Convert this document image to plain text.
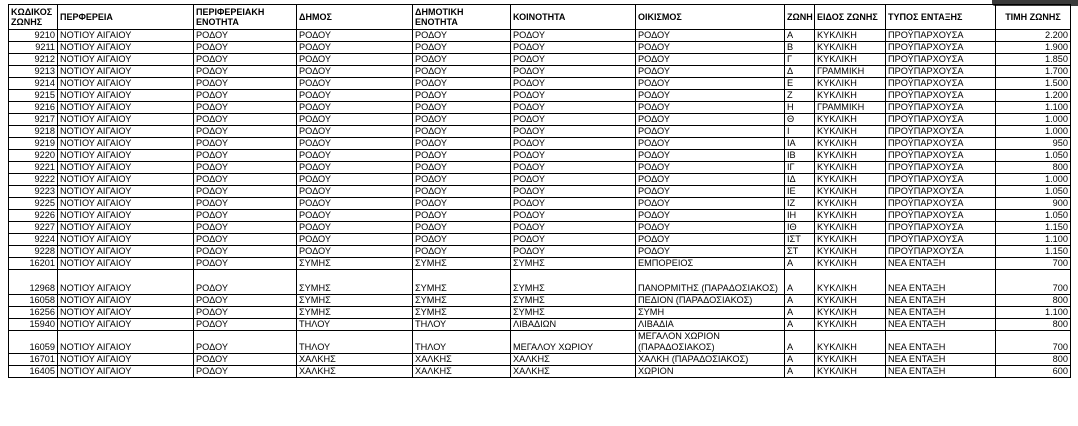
ΚΩΔΙΚΟΣ ΖΩΝΗΣ	ΠΕΡΦΕΡΕΙΑ	ΠΕΡΙΦΕΡΕΙΑΚΗ ΕΝΟΤΗΤΑ	ΔΗΜΟΣ	ΔΗΜΟΤΙΚΗ ΕΝΟΤΗΤΑ	ΚΟΙΝΟΤΗΤΑ	ΟΙΚΙΣΜΟΣ	ΖΩΝΗ	ΕΙΔΟΣ ΖΩΝΗΣ	ΤΥΠΟΣ ΕΝΤΑΞΗΣ	ΤΙΜΗ ΖΩΝΗΣ
9210	ΝΟΤΙΟΥ ΑΙΓΑΙΟΥ	ΡΟΔΟΥ	ΡΟΔΟΥ	ΡΟΔΟΥ	ΡΟΔΟΥ	ΡΟΔΟΥ	Α	ΚΥΚΛΙΚΗ	ΠΡΟΫΠΑΡΧΟΥΣΑ	2.200
9211	ΝΟΤΙΟΥ ΑΙΓΑΙΟΥ	ΡΟΔΟΥ	ΡΟΔΟΥ	ΡΟΔΟΥ	ΡΟΔΟΥ	ΡΟΔΟΥ	Β	ΚΥΚΛΙΚΗ	ΠΡΟΫΠΑΡΧΟΥΣΑ	1.900
9212	ΝΟΤΙΟΥ ΑΙΓΑΙΟΥ	ΡΟΔΟΥ	ΡΟΔΟΥ	ΡΟΔΟΥ	ΡΟΔΟΥ	ΡΟΔΟΥ	Γ	ΚΥΚΛΙΚΗ	ΠΡΟΫΠΑΡΧΟΥΣΑ	1.850
9213	ΝΟΤΙΟΥ ΑΙΓΑΙΟΥ	ΡΟΔΟΥ	ΡΟΔΟΥ	ΡΟΔΟΥ	ΡΟΔΟΥ	ΡΟΔΟΥ	Δ	ΓΡΑΜΜΙΚΗ	ΠΡΟΫΠΑΡΧΟΥΣΑ	1.700
9214	ΝΟΤΙΟΥ ΑΙΓΑΙΟΥ	ΡΟΔΟΥ	ΡΟΔΟΥ	ΡΟΔΟΥ	ΡΟΔΟΥ	ΡΟΔΟΥ	Ε	ΚΥΚΛΙΚΗ	ΠΡΟΫΠΑΡΧΟΥΣΑ	1.500
9215	ΝΟΤΙΟΥ ΑΙΓΑΙΟΥ	ΡΟΔΟΥ	ΡΟΔΟΥ	ΡΟΔΟΥ	ΡΟΔΟΥ	ΡΟΔΟΥ	Ζ	ΚΥΚΛΙΚΗ	ΠΡΟΫΠΑΡΧΟΥΣΑ	1.200
9216	ΝΟΤΙΟΥ ΑΙΓΑΙΟΥ	ΡΟΔΟΥ	ΡΟΔΟΥ	ΡΟΔΟΥ	ΡΟΔΟΥ	ΡΟΔΟΥ	Η	ΓΡΑΜΜΙΚΗ	ΠΡΟΫΠΑΡΧΟΥΣΑ	1.100
9217	ΝΟΤΙΟΥ ΑΙΓΑΙΟΥ	ΡΟΔΟΥ	ΡΟΔΟΥ	ΡΟΔΟΥ	ΡΟΔΟΥ	ΡΟΔΟΥ	Θ	ΚΥΚΛΙΚΗ	ΠΡΟΫΠΑΡΧΟΥΣΑ	1.000
9218	ΝΟΤΙΟΥ ΑΙΓΑΙΟΥ	ΡΟΔΟΥ	ΡΟΔΟΥ	ΡΟΔΟΥ	ΡΟΔΟΥ	ΡΟΔΟΥ	Ι	ΚΥΚΛΙΚΗ	ΠΡΟΫΠΑΡΧΟΥΣΑ	1.000
9219	ΝΟΤΙΟΥ ΑΙΓΑΙΟΥ	ΡΟΔΟΥ	ΡΟΔΟΥ	ΡΟΔΟΥ	ΡΟΔΟΥ	ΡΟΔΟΥ	ΙΑ	ΚΥΚΛΙΚΗ	ΠΡΟΫΠΑΡΧΟΥΣΑ	950
9220	ΝΟΤΙΟΥ ΑΙΓΑΙΟΥ	ΡΟΔΟΥ	ΡΟΔΟΥ	ΡΟΔΟΥ	ΡΟΔΟΥ	ΡΟΔΟΥ	ΙΒ	ΚΥΚΛΙΚΗ	ΠΡΟΫΠΑΡΧΟΥΣΑ	1.050
9221	ΝΟΤΙΟΥ ΑΙΓΑΙΟΥ	ΡΟΔΟΥ	ΡΟΔΟΥ	ΡΟΔΟΥ	ΡΟΔΟΥ	ΡΟΔΟΥ	ΙΓ	ΚΥΚΛΙΚΗ	ΠΡΟΫΠΑΡΧΟΥΣΑ	800
9222	ΝΟΤΙΟΥ ΑΙΓΑΙΟΥ	ΡΟΔΟΥ	ΡΟΔΟΥ	ΡΟΔΟΥ	ΡΟΔΟΥ	ΡΟΔΟΥ	ΙΔ	ΚΥΚΛΙΚΗ	ΠΡΟΫΠΑΡΧΟΥΣΑ	1.000
9223	ΝΟΤΙΟΥ ΑΙΓΑΙΟΥ	ΡΟΔΟΥ	ΡΟΔΟΥ	ΡΟΔΟΥ	ΡΟΔΟΥ	ΡΟΔΟΥ	ΙΕ	ΚΥΚΛΙΚΗ	ΠΡΟΫΠΑΡΧΟΥΣΑ	1.050
9225	ΝΟΤΙΟΥ ΑΙΓΑΙΟΥ	ΡΟΔΟΥ	ΡΟΔΟΥ	ΡΟΔΟΥ	ΡΟΔΟΥ	ΡΟΔΟΥ	ΙΖ	ΚΥΚΛΙΚΗ	ΠΡΟΫΠΑΡΧΟΥΣΑ	900
9226	ΝΟΤΙΟΥ ΑΙΓΑΙΟΥ	ΡΟΔΟΥ	ΡΟΔΟΥ	ΡΟΔΟΥ	ΡΟΔΟΥ	ΡΟΔΟΥ	ΙΗ	ΚΥΚΛΙΚΗ	ΠΡΟΫΠΑΡΧΟΥΣΑ	1.050
9227	ΝΟΤΙΟΥ ΑΙΓΑΙΟΥ	ΡΟΔΟΥ	ΡΟΔΟΥ	ΡΟΔΟΥ	ΡΟΔΟΥ	ΡΟΔΟΥ	ΙΘ	ΚΥΚΛΙΚΗ	ΠΡΟΫΠΑΡΧΟΥΣΑ	1.150
9224	ΝΟΤΙΟΥ ΑΙΓΑΙΟΥ	ΡΟΔΟΥ	ΡΟΔΟΥ	ΡΟΔΟΥ	ΡΟΔΟΥ	ΡΟΔΟΥ	ΙΣΤ	ΚΥΚΛΙΚΗ	ΠΡΟΫΠΑΡΧΟΥΣΑ	1.100
9228	ΝΟΤΙΟΥ ΑΙΓΑΙΟΥ	ΡΟΔΟΥ	ΡΟΔΟΥ	ΡΟΔΟΥ	ΡΟΔΟΥ	ΡΟΔΟΥ	ΣΤ	ΚΥΚΛΙΚΗ	ΠΡΟΫΠΑΡΧΟΥΣΑ	1.150
16201	ΝΟΤΙΟΥ ΑΙΓΑΙΟΥ	ΡΟΔΟΥ	ΣΥΜΗΣ	ΣΥΜΗΣ	ΣΥΜΗΣ	ΕΜΠΟΡΕΙΟΣ	Α	ΚΥΚΛΙΚΗ	ΝΕΑ ΕΝΤΑΞΗ	700
12968	ΝΟΤΙΟΥ ΑΙΓΑΙΟΥ	ΡΟΔΟΥ	ΣΥΜΗΣ	ΣΥΜΗΣ	ΣΥΜΗΣ	ΠΑΝΟΡΜΙΤΗΣ (ΠΑΡΑΔΟΣΙΑΚΟΣ)	Α	ΚΥΚΛΙΚΗ	ΝΕΑ ΕΝΤΑΞΗ	700
16058	ΝΟΤΙΟΥ ΑΙΓΑΙΟΥ	ΡΟΔΟΥ	ΣΥΜΗΣ	ΣΥΜΗΣ	ΣΥΜΗΣ	ΠΕΔΙΟΝ (ΠΑΡΑΔΟΣΙΑΚΟΣ)	Α	ΚΥΚΛΙΚΗ	ΝΕΑ ΕΝΤΑΞΗ	800
16256	ΝΟΤΙΟΥ ΑΙΓΑΙΟΥ	ΡΟΔΟΥ	ΣΥΜΗΣ	ΣΥΜΗΣ	ΣΥΜΗΣ	ΣΥΜΗ	Α	ΚΥΚΛΙΚΗ	ΝΕΑ ΕΝΤΑΞΗ	1.100
15940	ΝΟΤΙΟΥ ΑΙΓΑΙΟΥ	ΡΟΔΟΥ	ΤΗΛΟΥ	ΤΗΛΟΥ	ΛΙΒΑΔΙΩΝ	ΛΙΒΑΔΙΑ	Α	ΚΥΚΛΙΚΗ	ΝΕΑ ΕΝΤΑΞΗ	800
16059	ΝΟΤΙΟΥ ΑΙΓΑΙΟΥ	ΡΟΔΟΥ	ΤΗΛΟΥ	ΤΗΛΟΥ	ΜΕΓΑΛΟΥ ΧΩΡΙΟΥ	ΜΕΓΑΛΟΝ ΧΩΡΙΟΝ (ΠΑΡΑΔΟΣΙΑΚΟΣ)	Α	ΚΥΚΛΙΚΗ	ΝΕΑ ΕΝΤΑΞΗ	700
16701	ΝΟΤΙΟΥ ΑΙΓΑΙΟΥ	ΡΟΔΟΥ	ΧΑΛΚΗΣ	ΧΑΛΚΗΣ	ΧΑΛΚΗΣ	ΧΑΛΚΗ (ΠΑΡΑΔΟΣΙΑΚΟΣ)	Α	ΚΥΚΛΙΚΗ	ΝΕΑ ΕΝΤΑΞΗ	800
16405	ΝΟΤΙΟΥ ΑΙΓΑΙΟΥ	ΡΟΔΟΥ	ΧΑΛΚΗΣ	ΧΑΛΚΗΣ	ΧΑΛΚΗΣ	ΧΩΡΙΟΝ	Α	ΚΥΚΛΙΚΗ	ΝΕΑ ΕΝΤΑΞΗ	600
